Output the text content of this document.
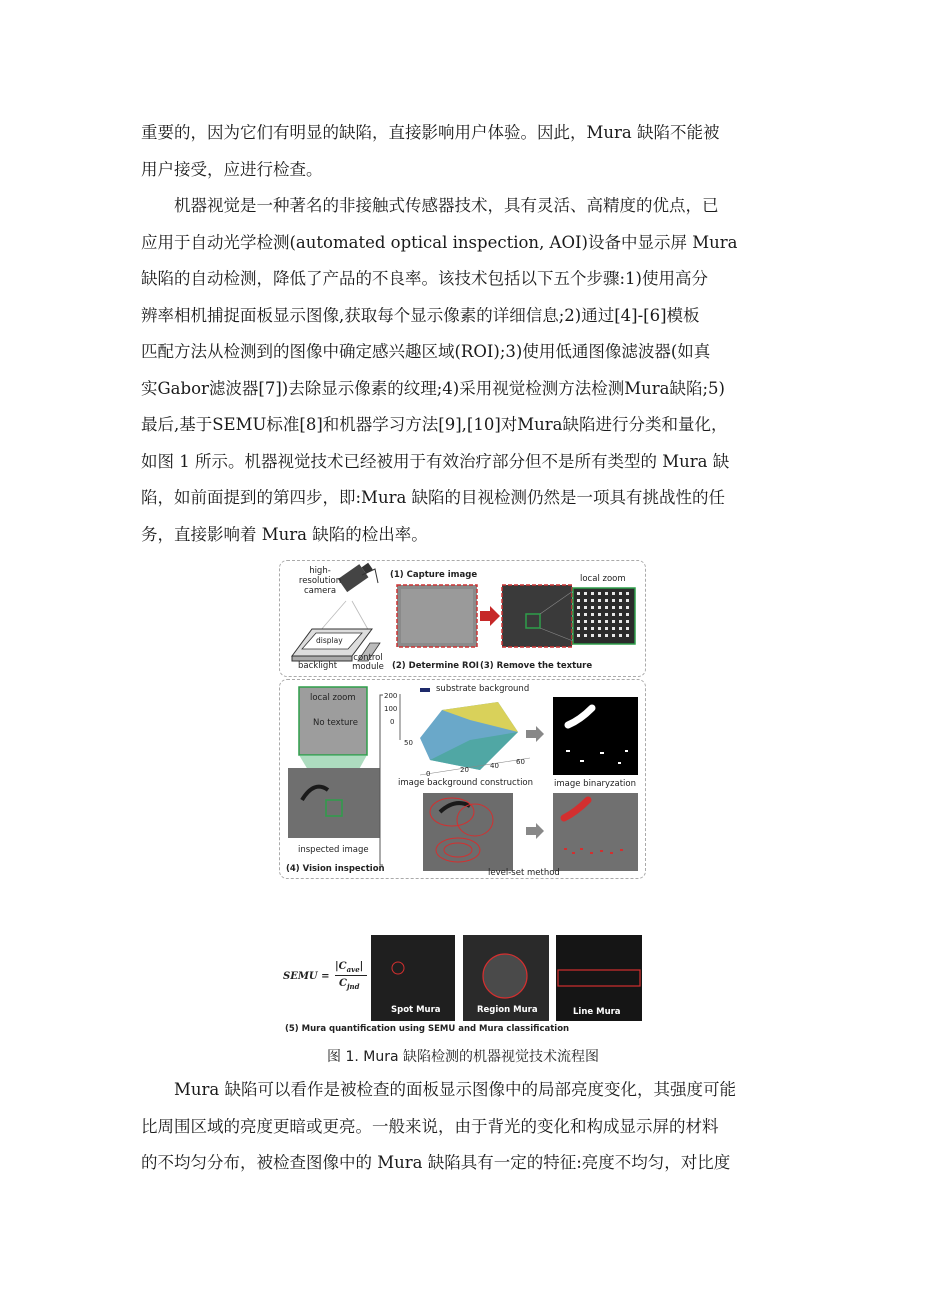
重要的，因为它们有明显的缺陷，直接影响用户体验。因此，Mura 缺陷不能被
用户接受，应进行检查。
机器视觉是一种著名的非接触式传感器技术，具有灵活、高精度的优点，已
应用于自动光学检测(automated optical inspection, AOI)设备中显示屏 Mura
缺陷的自动检测，降低了产品的不良率。该技术包括以下五个步骤:1)使用高分
辨率相机捕捉面板显示图像,获取每个显示像素的详细信息;2)通过[4]-[6]模板
匹配方法从检测到的图像中确定感兴趣区域(ROI);3)使用低通图像滤波器(如真
实Gabor滤波器[7])去除显示像素的纹理;4)采用视觉检测方法检测Mura缺陷;5)
最后,基于SEMU标准[8]和机器学习方法[9],[10]对Mura缺陷进行分类和量化，
如图 1 所示。机器视觉技术已经被用于有效治疗部分但不是所有类型的 Mura 缺
陷，如前面提到的第四步，即:Mura 缺陷的目视检测仍然是一项具有挑战性的任
务，直接影响着 Mura 缺陷的检出率。
high-resolution camera
(1) Capture image	local zoom
display
backlight
control module (2) Determine ROI (3) Remove the texture
local zoom
No texture
substrate background
200
100
0
50
0	20	40 60
image background construction image binaryzation
inspected image
level-set method
(4) Vision inspection
SEMU =
$|C_{ave}|$
$C_{jnd}$
Spot Mura	Region Mura	Line Mura
(5) Mura quantification using SEMU and Mura classification
图 1. Mura 缺陷检测的机器视觉技术流程图
Mura 缺陷可以看作是被检查的面板显示图像中的局部亮度变化，其强度可能
比周围区域的亮度更暗或更亮。一般来说，由于背光的变化和构成显示屏的材料
的不均匀分布，被检查图像中的 Mura 缺陷具有一定的特征:亮度不均匀，对比度
